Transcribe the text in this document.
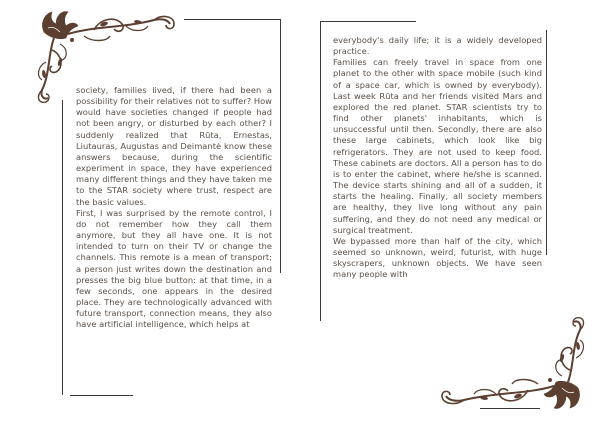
society, families lived, if there had been a possibility for their relatives not to suffer? How would have societies changed if people had not been angry, or disturbed by each other? I suddenly realized that Rūta, Ernestas, Liutauras, Augustas and Deimantė know these answers because, during the scientific experiment in space, they have experienced many different things and they have taken me to the STAR society where trust, respect are the basic values.

First, I was surprised by the remote control, I do not remember how they call them anymore, but they all have one. It is not intended to turn on their TV or change the channels. This remote is a mean of transport; a person just writes down the destination and presses the big blue button: at that time, in a few seconds, one appears in the desired place. They are technologically advanced with future transport, connection means, they also have artificial intelligence, which helps at

everybody's daily life; it is a widely developed practice.

Families can freely travel in space from one planet to the other with space mobile (such kind of a space car, which is owned by everybody). Last week Rūta and her friends visited Mars and explored the red planet. STAR scientists try to find other planets' inhabitants, which is unsuccessful until then. Secondly, there are also these large cabinets, which look like big refrigerators. They are not used to keep food. These cabinets are doctors. All a person has to do is to enter the cabinet, where he/she is scanned. The device starts shining and all of a sudden, it starts the healing. Finally, all society members are healthy, they live long without any pain suffering, and they do not need any medical or surgical treatment.

We bypassed more than half of the city, which seemed so unknown, weird, futurist, with huge skyscrapers, unknown objects. We have seen many people with
